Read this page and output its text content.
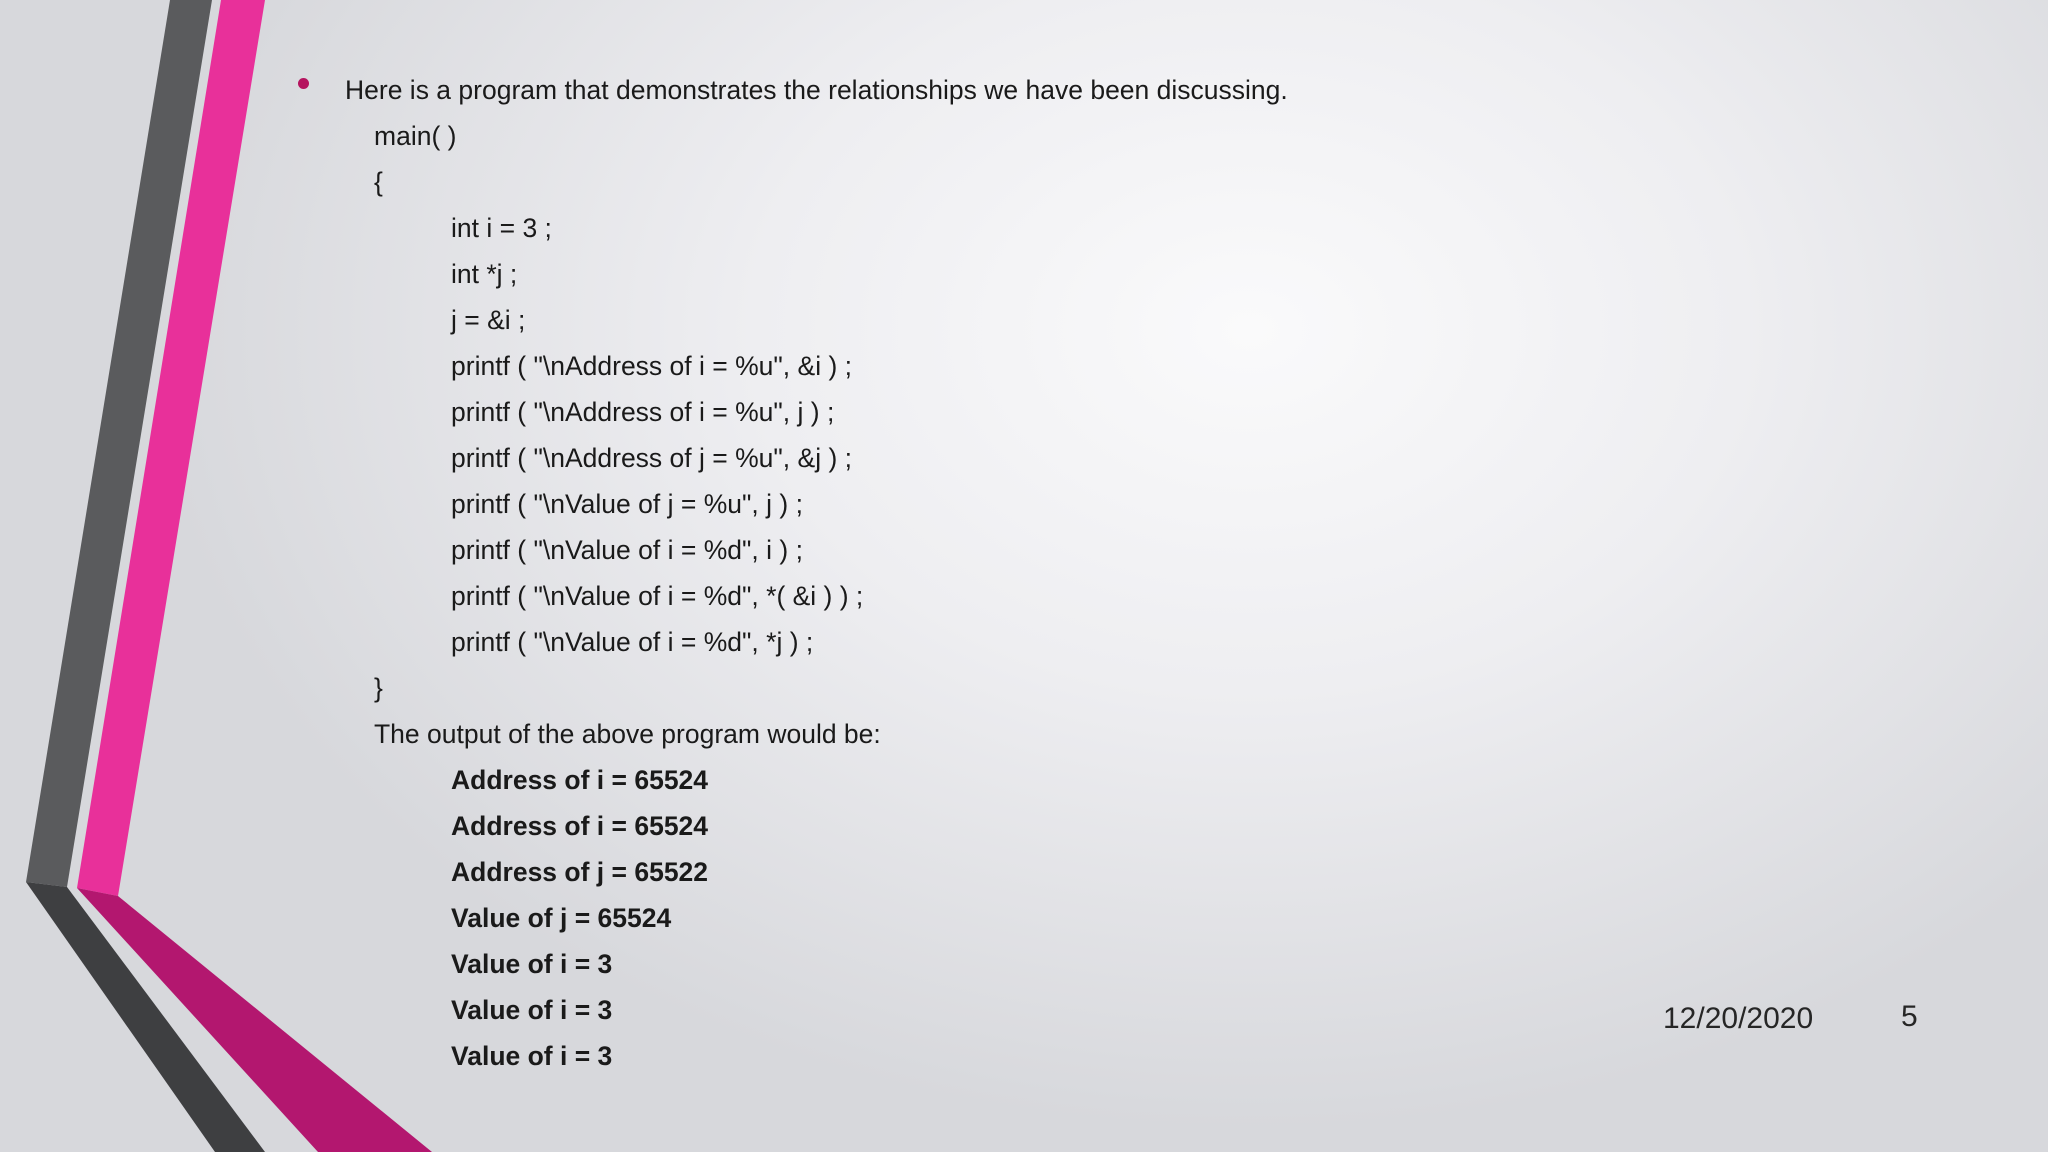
Here is a program that demonstrates the relationships we have been discussing.
main( )
{
int i = 3 ;
int *j ;
j = &i ;
printf ( "\nAddress of i = %u", &i ) ;
printf ( "\nAddress of i = %u", j ) ;
printf ( "\nAddress of j = %u", &j ) ;
printf ( "\nValue of j = %u", j ) ;
printf ( "\nValue of i = %d", i ) ;
printf ( "\nValue of i = %d", *( &i ) ) ;
printf ( "\nValue of i = %d", *j ) ;
}
The output of the above program would be:
Address of i = 65524
Address of i = 65524
Address of j = 65522
Value of j = 65524
Value of i = 3
Value of i = 3
Value of i = 3
12/20/2020	5
